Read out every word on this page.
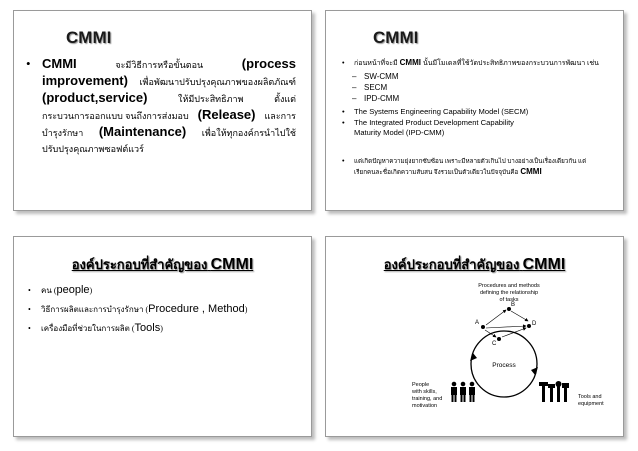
CMMI
• CMMI	จะมีวิธีการหรือขั้นตอน	(process
improvement) เพื่อพัฒนาปรับปรุงคุณภาพของผลิตภัณฑ์
(product,service)	ให้มีประสิทธิภาพ	ตั้งแต่
กระบวนการออกแบบ จนถึงการส่งมอบ (Release) และการ
บำรุงรักษา (Maintenance) เพื่อให้ทุกองค์กรนำไปใช้
ปรับปรุงคุณภาพซอฟต์แวร์
CMMI
• ก่อนหน้าที่จะมี CMMI นั้นมีโมเดลที่ใช้วัดประสิทธิภาพของกระบวนการพัฒนา เช่น
– SW-CMM
– SECM
– IPD-CMM
• The Systems Engineering Capability Model (SECM)
• The Integrated Product Development Capability
Maturity Model (IPD-CMM)
• แต่เกิดปัญหาความยุ่งยากซับซ้อน เพราะมีหลายตัวเกินไป บางอย่างเป็นเรื่องเดียวกัน แต่
เรียกคนละชื่อเกิดความสับสน จึงรวมเป็นตัวเดียวในปัจจุบันคือ CMMI
องค์ประกอบที่สำคัญของ CMMI
• คน (people)
• วิธีการผลิตและการบำรุงรักษา (Procedure , Method)
• เครื่องมือที่ช่วยในการผลิต (Tools)
องค์ประกอบที่สำคัญของ CMMI
Procedures and methods
defining the relationship
of tasks
A
B
C
D
Process
People
with skills,
training, and
motivation
Tools and
equipment
